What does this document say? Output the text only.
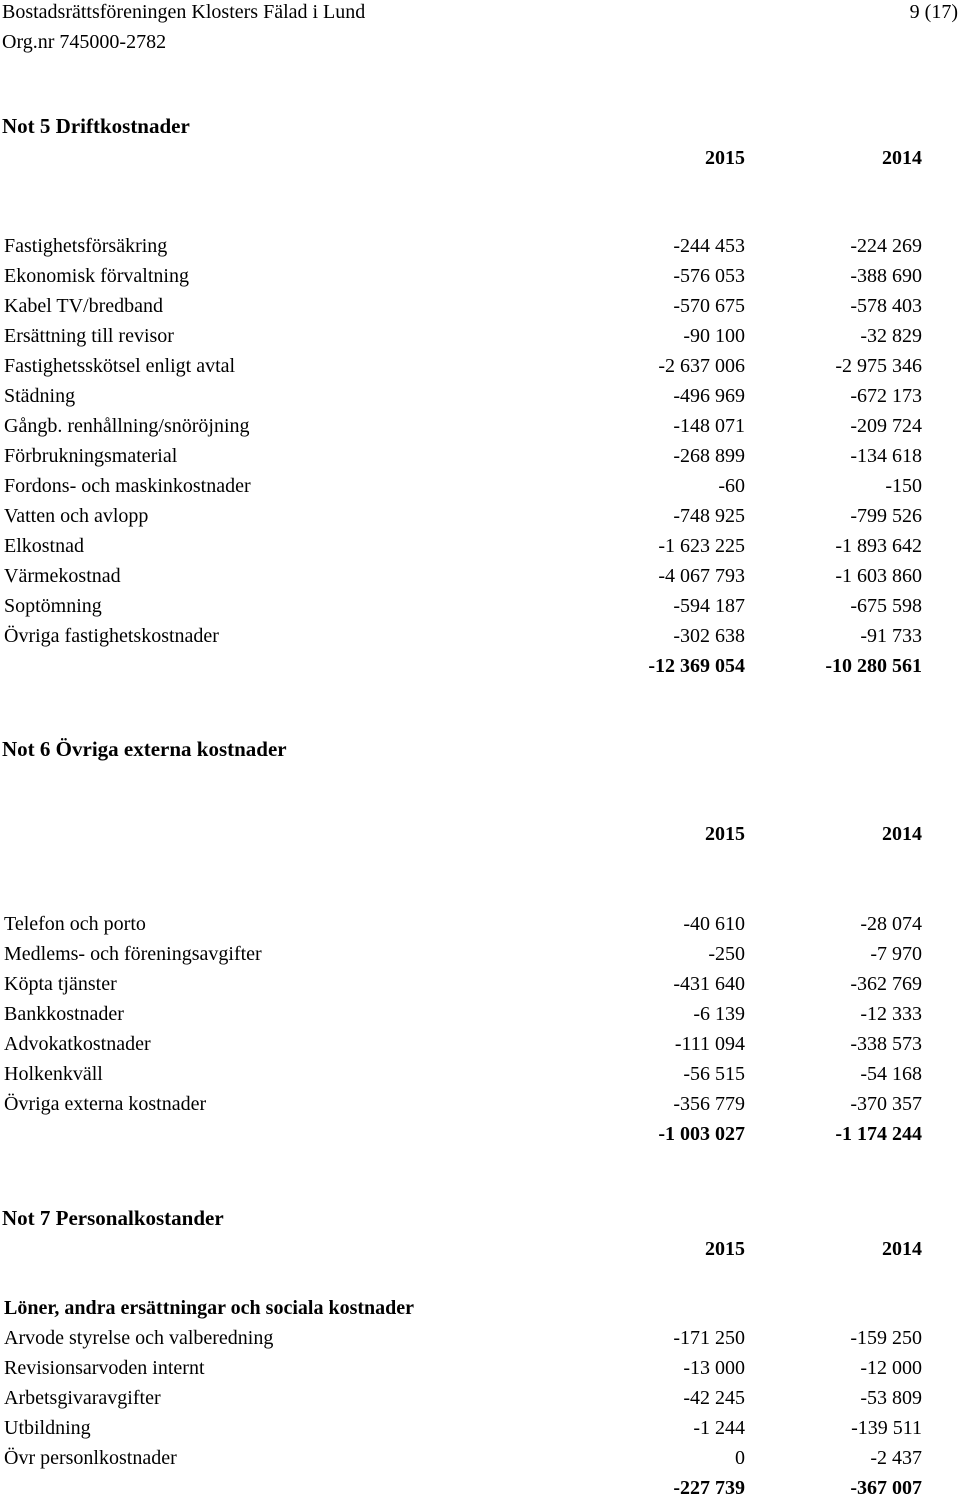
Bostadsrättsföreningen Klosters Fälad i Lund
Org.nr 745000-2782
9 (17)
Not 5 Driftkostnader
2015	2014
Fastighetsförsäkring	-244 453	-224 269
Ekonomisk förvaltning	-576 053	-388 690
Kabel TV/bredband	-570 675	-578 403
Ersättning till revisor	-90 100	-32 829
Fastighetsskötsel enligt avtal	-2 637 006	-2 975 346
Städning	-496 969	-672 173
Gångb. renhållning/snöröjning	-148 071	-209 724
Förbrukningsmaterial	-268 899	-134 618
Fordons- och maskinkostnader	-60	-150
Vatten och avlopp	-748 925	-799 526
Elkostnad	-1 623 225	-1 893 642
Värmekostnad	-4 067 793	-1 603 860
Soptömning	-594 187	-675 598
Övriga fastighetskostnader	-302 638	-91 733
-12 369 054	-10 280 561
Not 6 Övriga externa kostnader
2015	2014
Telefon och porto	-40 610	-28 074
Medlems- och föreningsavgifter	-250	-7 970
Köpta tjänster	-431 640	-362 769
Bankkostnader	-6 139	-12 333
Advokatkostnader	-111 094	-338 573
Holkenkväll	-56 515	-54 168
Övriga externa kostnader	-356 779	-370 357
-1 003 027	-1 174 244
Not 7 Personalkostander
2015	2014
Löner, andra ersättningar och sociala kostnader
Arvode styrelse och valberedning	-171 250	-159 250
Revisionsarvoden internt	-13 000	-12 000
Arbetsgivaravgifter	-42 245	-53 809
Utbildning	-1 244	-139 511
Övr personlkostnader	0	-2 437
-227 739	-367 007
